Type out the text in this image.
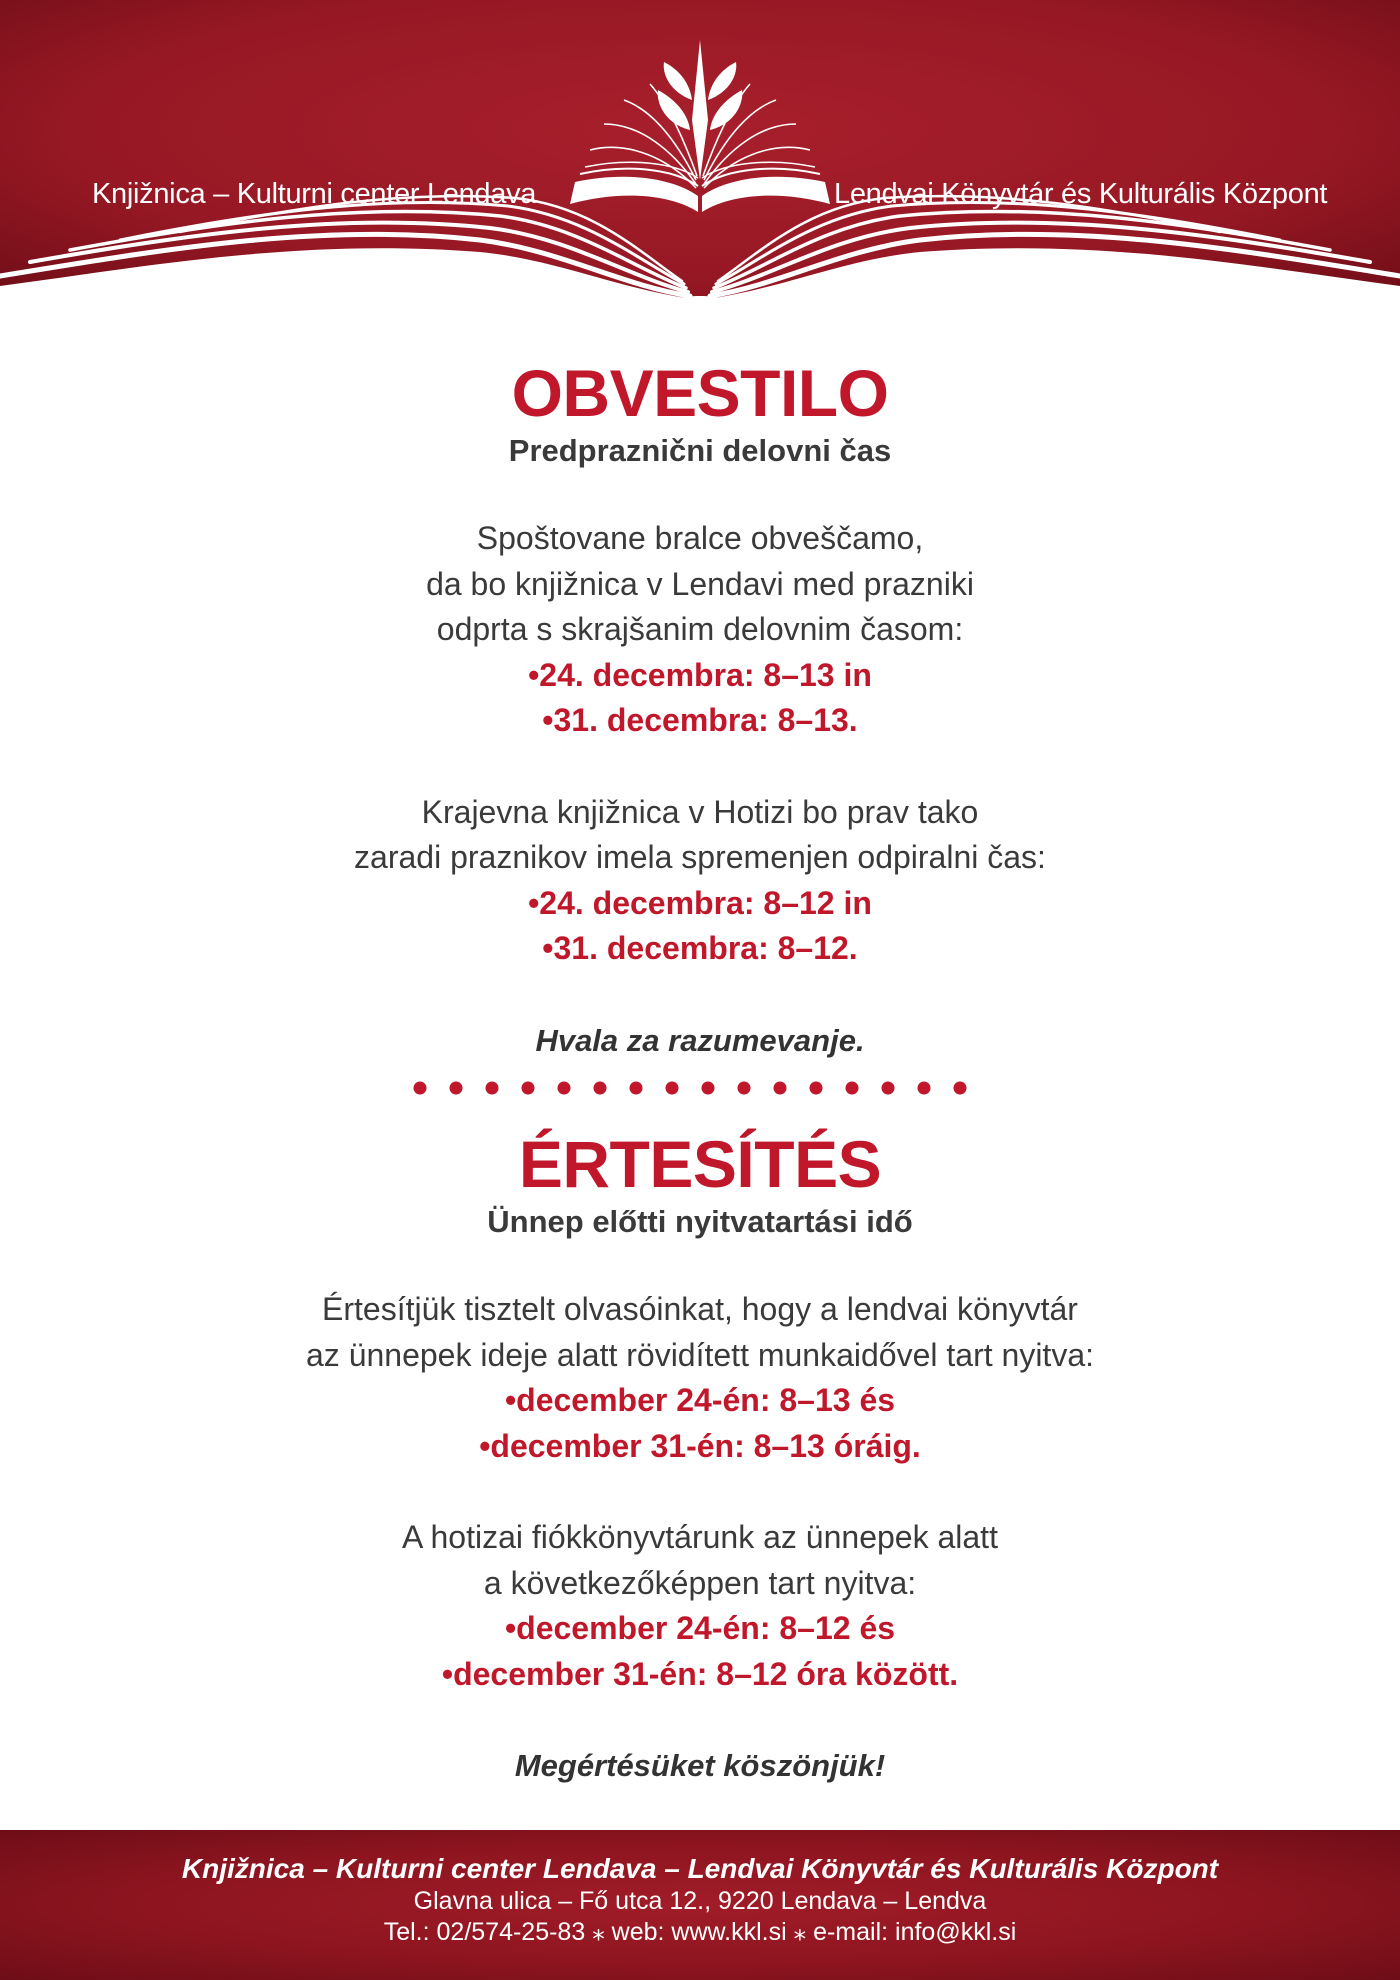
Knjižnica – Kulturni center Lendava	Lendvai Könyvtár és Kulturális Központ
OBVESTILO
Predpraznični delovni čas
Spoštovane bralce obveščamo,
da bo knjižnica v Lendavi med prazniki
odprta s skrajšanim delovnim časom:
•24. decembra: 8–13 in
•31. decembra: 8–13.
Krajevna knjižnica v Hotizi bo prav tako
zaradi praznikov imela spremenjen odpiralni čas:
•24. decembra: 8–12 in
•31. decembra: 8–12.
Hvala za razumevanje.
ÉRTESÍTÉS
Ünnep előtti nyitvatartási idő
Értesítjük tisztelt olvasóinkat, hogy a lendvai könyvtár
az ünnepek ideje alatt rövidített munkaidővel tart nyitva:
•december 24-én: 8–13 és
•december 31-én: 8–13 óráig.
A hotizai fiókkönyvtárunk az ünnepek alatt
a következőképpen tart nyitva:
•december 24-én: 8–12 és
•december 31-én: 8–12 óra között.
Megértésüket köszönjük!
Knjižnica – Kulturni center Lendava – Lendvai Könyvtár és Kulturális Központ
Glavna ulica – Fő utca 12., 9220 Lendava – Lendva
Tel.: 02/574-25-83 ⁎ web: www.kkl.si ⁎ e-mail: info@kkl.si
